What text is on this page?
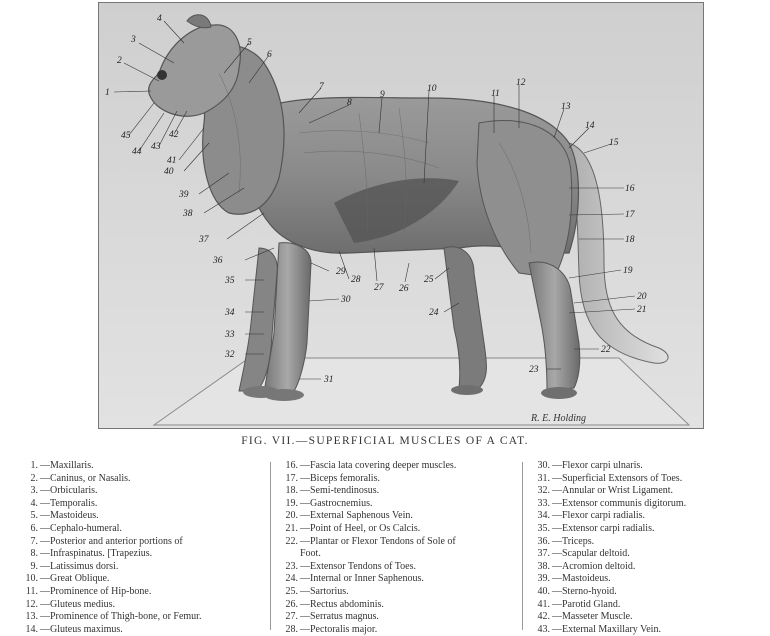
1
2
3
4
5
6
7
8
9
10	11
12
13
14
15
16
17
18
19
20
21
22
23
24
25
26
27
28
29
30
31
32
33
34
35
36
37
38
39
40
41
42
43
44
45
R. E. Holding
FIG. VII.—SUPERFICIAL MUSCLES OF A CAT.
1. —Maxillaris.
2. —Caninus, or Nasalis.
3. —Orbicularis.
4. —Temporalis.
5. —Mastoideus.
6. —Cephalo-humeral.
7. —Posterior and anterior portions of
8. —Infraspinatus. [Trapezius.
9. —Latissimus dorsi.
10. —Great Oblique.
11. —Prominence of Hip-bone.
12. —Gluteus medius.
13. —Prominence of Thigh-bone, or Femur.
14. —Gluteus maximus.
16. —Fascia lata covering deeper muscles.
17. —Biceps femoralis.
18. —Semi-tendinosus.
19. —Gastrocnemius.
20. —External Saphenous Vein.
21. —Point of Heel, or Os Calcis.
22. —Plantar or Flexor Tendons of Sole of
Foot.
23. —Extensor Tendons of Toes.
24. —Internal or Inner Saphenous.
25. —Sartorius.
26. —Rectus abdominis.
27. —Serratus magnus.
28. —Pectoralis major.
30. —Flexor carpi ulnaris.
31. —Superficial Extensors of Toes.
32. —Annular or Wrist Ligament.
33. —Extensor communis digitorum.
34. —Flexor carpi radialis.
35. —Extensor carpi radialis.
36. —Triceps.
37. —Scapular deltoid.
38. —Acromion deltoid.
39. —Mastoideus.
40. —Sterno-hyoid.
41. —Parotid Gland.
42. —Masseter Muscle.
43. —External Maxillary Vein.
